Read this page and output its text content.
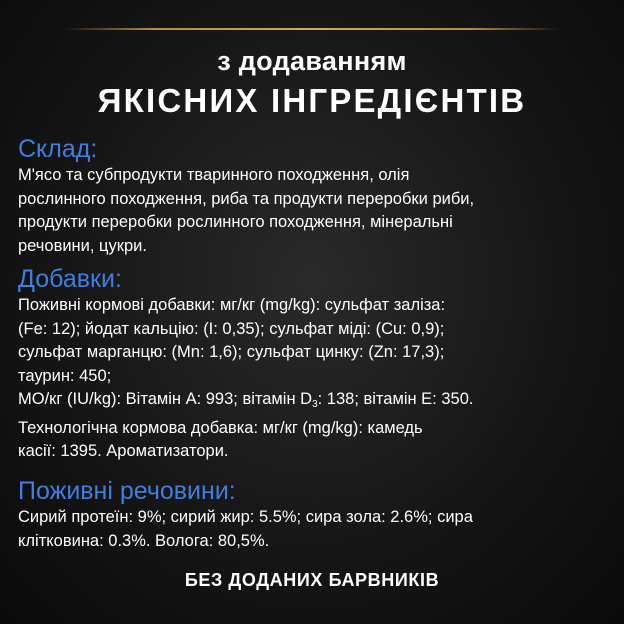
з додаванням
ЯКІСНИХ ІНГРЕДІЄНТІВ

Склад:

М'ясо та субпродукти тваринного походження, олія
рослинного походження, риба та продукти переробки риби,
продукти переробки рослинного походження, мінеральні
речовини, цукри.

Добавки:

Поживні кормові добавки: мг/кг (mg/kg): сульфат заліза:
(Fe: 12); йодат кальцію: (І: 0,35); сульфат міді: (Cu: 0,9);
сульфат марганцю: (Mn: 1,6); сульфат цинку: (Zn: 17,3);
таурин: 450;
МО/кг (IU/kg): Вітамін А: 993; вітамін $D_3$: 138; вітамін Е: 350.
Технологічна кормова добавка: мг/кг (mg/kg): камедь
касії: 1395. Ароматизатори.

Поживні речовини:

Сирий протеїн: 9%; сирий жир: 5.5%; сира зола: 2.6%; сира
клітковина: 0.3%. Волога: 80,5%.
БЕЗ ДОДАНИХ БАРВНИКІВ
